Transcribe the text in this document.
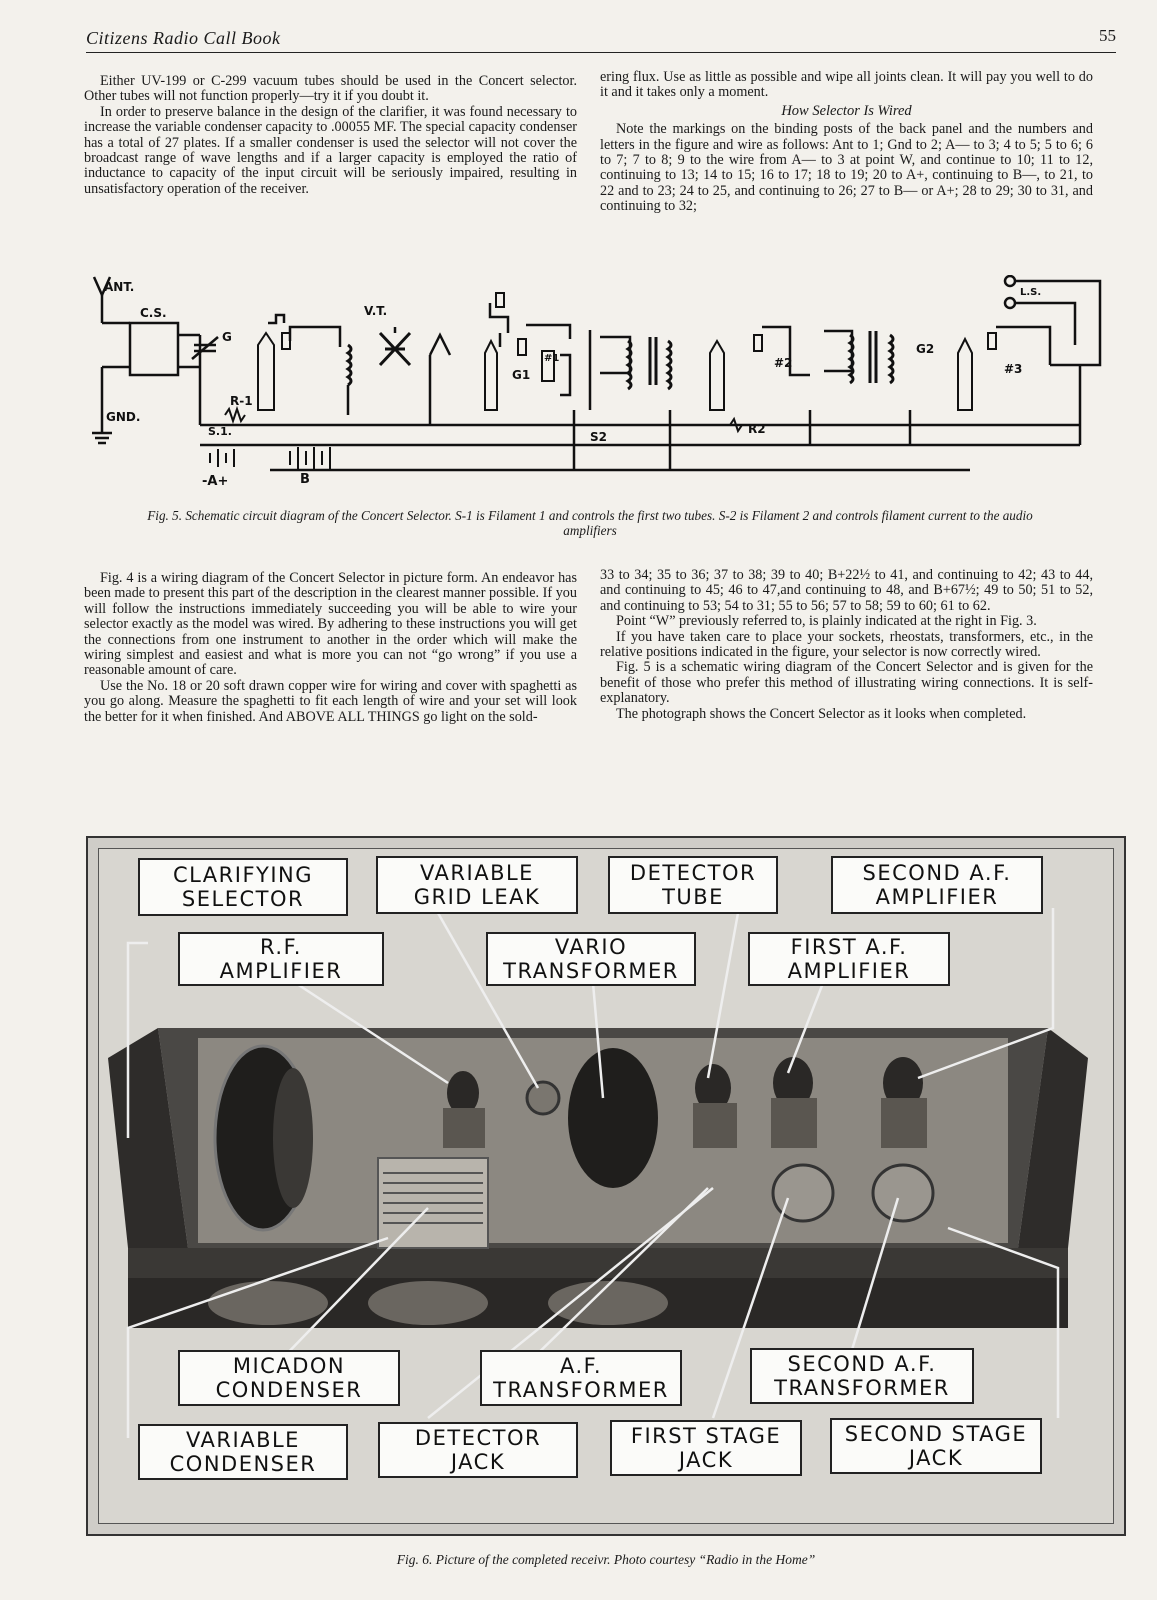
Citizens Radio Call Book	55

Either UV-199 or C-299 vacuum tubes should be used in the Concert selector. Other tubes will not function properly—try it if you doubt it.

In order to preserve balance in the design of the clarifier, it was found necessary to increase the variable condenser capacity to .00055 MF. The special capacity condenser has a total of 27 plates. If a smaller condenser is used the selector will not cover the broadcast range of wave lengths and if a larger capacity is employed the ratio of inductance to capacity of the input circuit will be seriously impaired, resulting in unsatisfactory operation of the receiver.

ering flux. Use as little as possible and wipe all joints clean. It will pay you well to do it and it takes only a moment.

How Selector Is Wired

Note the markings on the binding posts of the back panel and the numbers and letters in the figure and wire as follows: Ant to 1; Gnd to 2; A— to 3; 4 to 5; 5 to 6; 6 to 7; 7 to 8; 9 to the wire from A— to 3 at point W, and continue to 10; 11 to 12, continuing to 13; 14 to 15; 16 to 17; 18 to 19; 20 to A+, continuing to B—, to 21, to 22 and to 23; 24 to 25, and continuing to 26; 27 to B— or A+; 28 to 29; 30 to 31, and continuing to 32;

ANT.
C.S.	V.T.
G
R-1
GND.
S.1.
-A+	B
S2
R2
G1
#1	#2
G2
#3
L.S.
Fig. 5. Schematic circuit diagram of the Concert Selector. S-1 is Filament 1 and controls the first two tubes. S-2 is Filament 2 and controls filament current to the audio amplifiers

Fig. 4 is a wiring diagram of the Concert Selector in picture form. An endeavor has been made to present this part of the description in the clearest manner possible. If you will follow the instructions immediately succeeding you will be able to wire your selector exactly as the model was wired. By adhering to these instructions you will get the connections from one instrument to another in the order which will make the wiring simplest and easiest and what is more you can not “go wrong” if you use a reasonable amount of care.

Use the No. 18 or 20 soft drawn copper wire for wiring and cover with spaghetti as you go along. Measure the spaghetti to fit each length of wire and your set will look the better for it when finished. And ABOVE ALL THINGS go light on the sold-

33 to 34; 35 to 36; 37 to 38; 39 to 40; B+22½ to 41, and continuing to 42; 43 to 44, and continuing to 45; 46 to 47,and continuing to 48, and B+67½; 49 to 50; 51 to 52, and continuing to 53; 54 to 31; 55 to 56; 57 to 58; 59 to 60; 61 to 62.

Point “W” previously referred to, is plainly indicated at the right in Fig. 3.

If you have taken care to place your sockets, rheostats, transformers, etc., in the relative positions indicated in the figure, your selector is now correctly wired.

Fig. 5 is a schematic wiring diagram of the Concert Selector and is given for the benefit of those who prefer this method of illustrating wiring connections. It is self-explanatory.

The photograph shows the Concert Selector as it looks when completed.

CLARIFYING
SELECTOR
VARIABLE
GRID LEAK
DETECTOR
TUBE
SECOND A.F.
AMPLIFIER
R.F.
AMPLIFIER
VARIO
TRANSFORMER
FIRST A.F.
AMPLIFIER
MICADON
CONDENSER
A.F.
TRANSFORMER
SECOND A.F.
TRANSFORMER
VARIABLE
CONDENSER
DETECTOR
JACK
FIRST STAGE
JACK
SECOND STAGE
JACK
Fig. 6. Picture of the completed receivr. Photo courtesy “Radio in the Home”
